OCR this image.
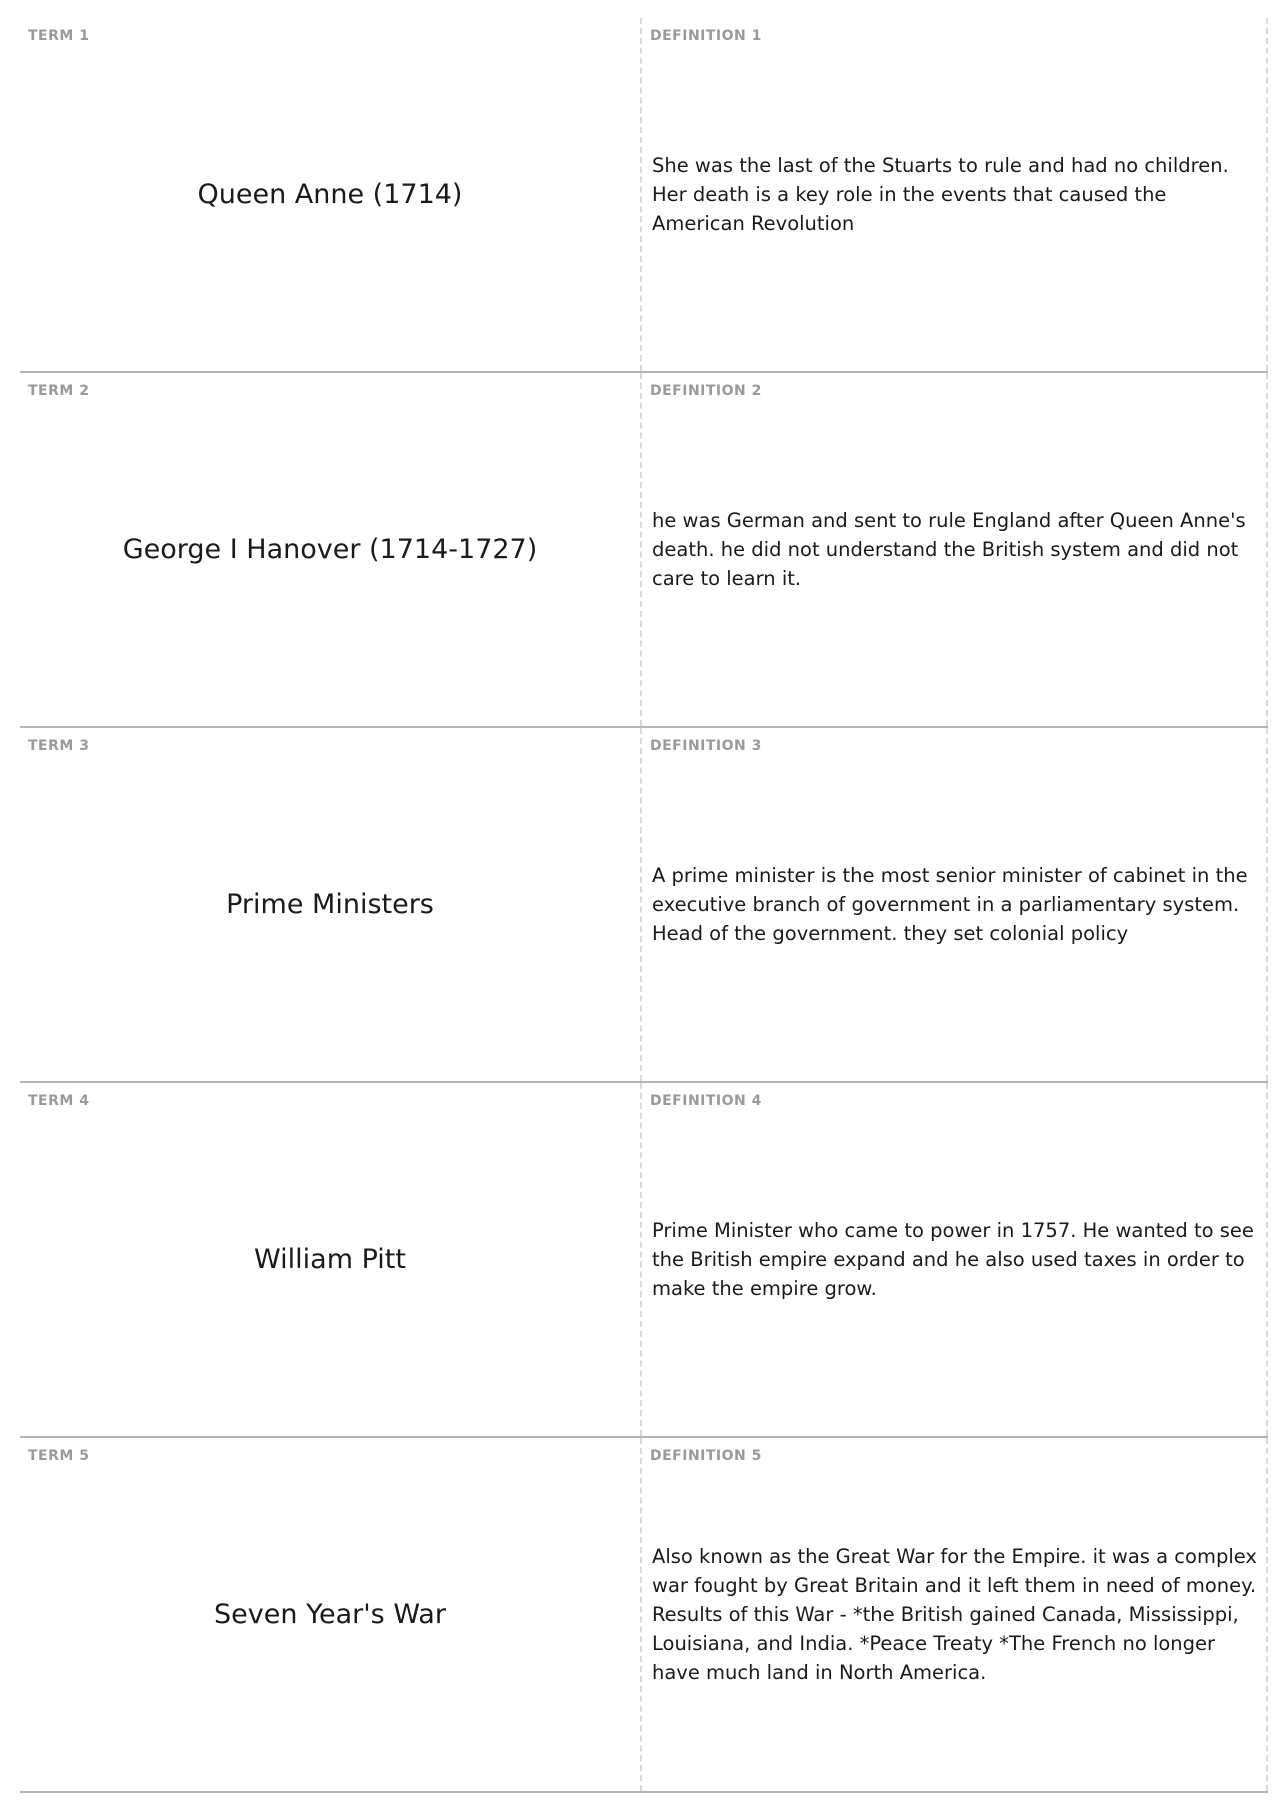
TERM 1
Queen Anne (1714)
DEFINITION 1
She was the last of the Stuarts to rule and had no children. Her death is a key role in the events that caused the American Revolution
TERM 2
George I Hanover (1714-1727)
DEFINITION 2
he was German and sent to rule England after Queen Anne's death. he did not understand the British system and did not care to learn it.
TERM 3
Prime Ministers
DEFINITION 3
A prime minister is the most senior minister of cabinet in the executive branch of government in a parliamentary system. Head of the government. they set colonial policy
TERM 4
William Pitt
DEFINITION 4
Prime Minister who came to power in 1757. He wanted to see the British empire expand and he also used taxes in order to make the empire grow.
TERM 5
Seven Year's War
DEFINITION 5
Also known as the Great War for the Empire. it was a complex war fought by Great Britain and it left them in need of money. Results of this War - *the British gained Canada, Mississippi, Louisiana, and India. *Peace Treaty *The French no longer have much land in North America.
